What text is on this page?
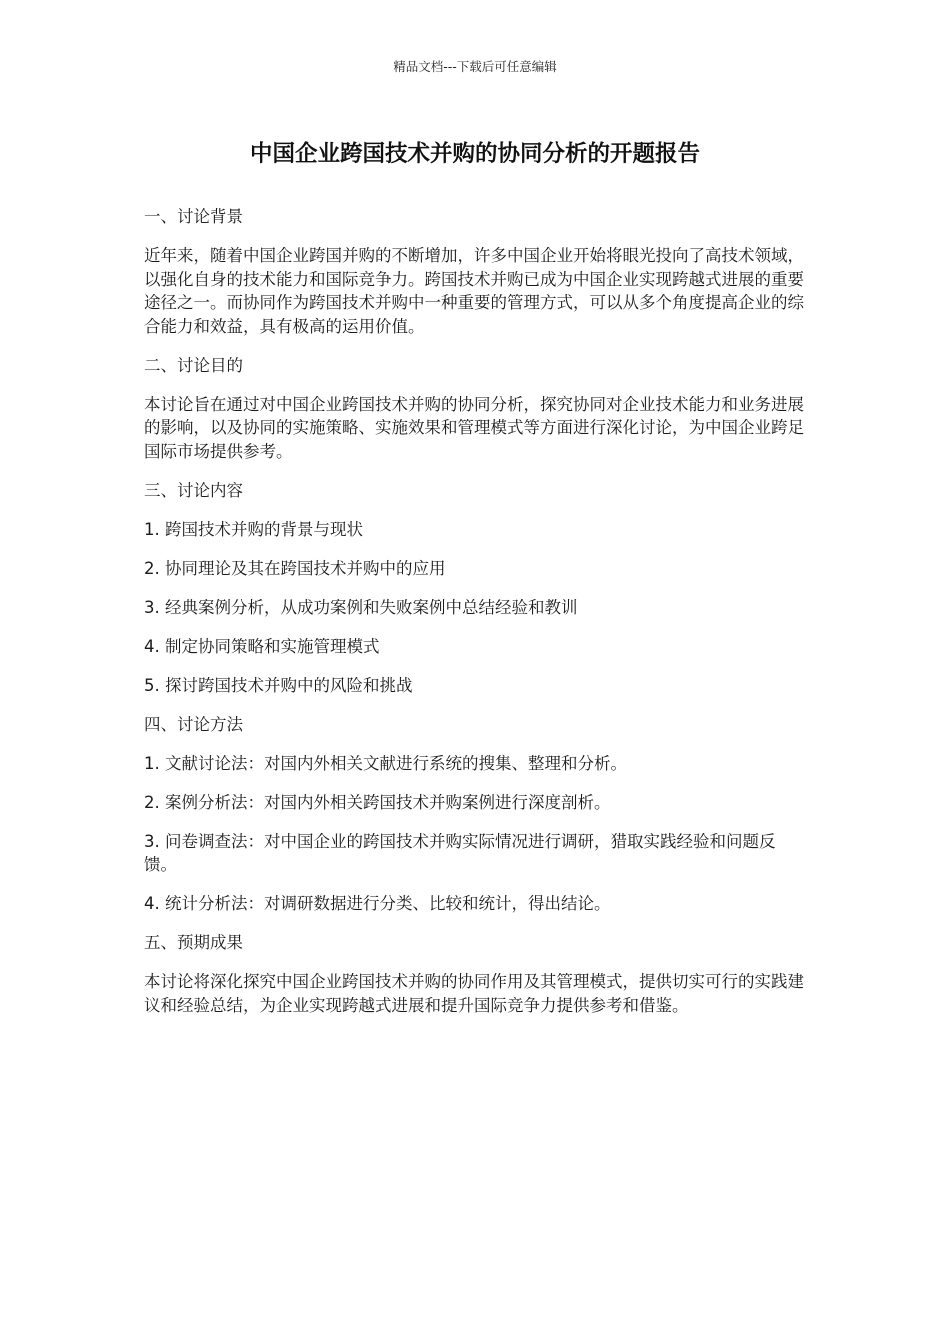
精品文档---下载后可任意编辑
中国企业跨国技术并购的协同分析的开题报告

一、讨论背景

近年来，随着中国企业跨国并购的不断增加，许多中国企业开始将眼光投向了高技术领域，以强化自身的技术能力和国际竞争力。跨国技术并购已成为中国企业实现跨越式进展的重要途径之一。而协同作为跨国技术并购中一种重要的管理方式，可以从多个角度提高企业的综合能力和效益，具有极高的运用价值。

二、讨论目的

本讨论旨在通过对中国企业跨国技术并购的协同分析，探究协同对企业技术能力和业务进展的影响，以及协同的实施策略、实施效果和管理模式等方面进行深化讨论，为中国企业跨足国际市场提供参考。

三、讨论内容

1. 跨国技术并购的背景与现状

2. 协同理论及其在跨国技术并购中的应用

3. 经典案例分析，从成功案例和失败案例中总结经验和教训

4. 制定协同策略和实施管理模式

5. 探讨跨国技术并购中的风险和挑战

四、讨论方法

1. 文献讨论法：对国内外相关文献进行系统的搜集、整理和分析。

2. 案例分析法：对国内外相关跨国技术并购案例进行深度剖析。

3. 问卷调查法：对中国企业的跨国技术并购实际情况进行调研，猎取实践经验和问题反馈。

4. 统计分析法：对调研数据进行分类、比较和统计，得出结论。

五、预期成果

本讨论将深化探究中国企业跨国技术并购的协同作用及其管理模式，提供切实可行的实践建议和经验总结，为企业实现跨越式进展和提升国际竞争力提供参考和借鉴。
